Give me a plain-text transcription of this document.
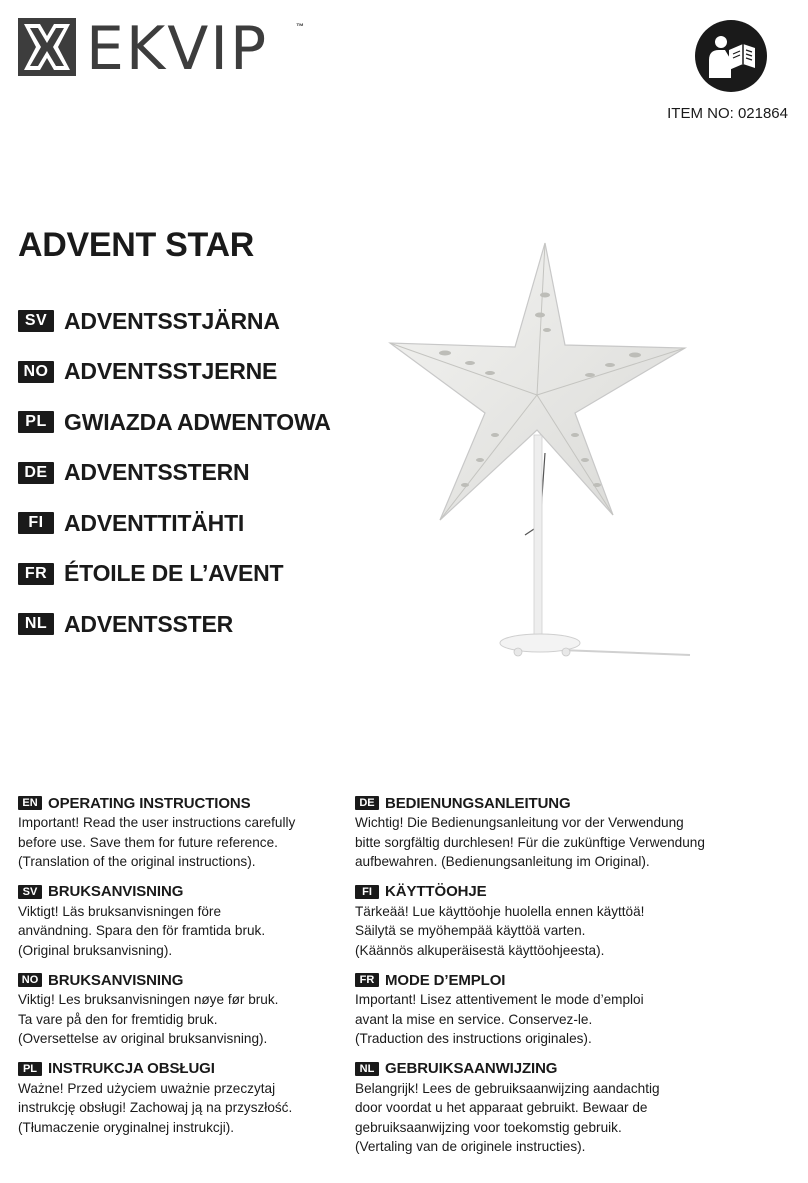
EKVIP	™
ITEM NO: 021864
ADVENT STAR
SV ADVENTSSTJÄRNA
NO ADVENTSSTJERNE
PL GWIAZDA ADWENTOWA
DE ADVENTSSTERN
FI ADVENTTITÄHTI
FR ÉTOILE DE L’AVENT
NL ADVENTSSTER
EN OPERATING INSTRUCTIONS
Important! Read the user instructions carefully
before use. Save them for future reference.
(Translation of the original instructions).
SV BRUKSANVISNING
Viktigt! Läs bruksanvisningen före
användning. Spara den för framtida bruk.
(Original bruksanvisning).
NO BRUKSANVISNING
Viktig! Les bruksanvisningen nøye før bruk.
Ta vare på den for fremtidig bruk.
(Oversettelse av original bruksanvisning).
PL INSTRUKCJA OBSŁUGI
Ważne! Przed użyciem uważnie przeczytaj
instrukcję obsługi! Zachowaj ją na przyszłość.
(Tłumaczenie oryginalnej instrukcji).
DE BEDIENUNGSANLEITUNG
Wichtig! Die Bedienungsanleitung vor der Verwendung
bitte sorgfältig durchlesen! Für die zukünftige Verwendung
aufbewahren. (Bedienungsanleitung im Original).
FI KÄYTTÖOHJE
Tärkeää! Lue käyttöohje huolella ennen käyttöä!
Säilytä se myöhempää käyttöä varten.
(Käännös alkuperäisestä käyttöohjeesta).
FR MODE D’EMPLOI
Important! Lisez attentivement le mode d’emploi
avant la mise en service. Conservez-le.
(Traduction des instructions originales).
NL GEBRUIKSAANWIJZING
Belangrijk! Lees de gebruiksaanwijzing aandachtig
door voordat u het apparaat gebruikt. Bewaar de
gebruiksaanwijzing voor toekomstig gebruik.
(Vertaling van de originele instructies).
